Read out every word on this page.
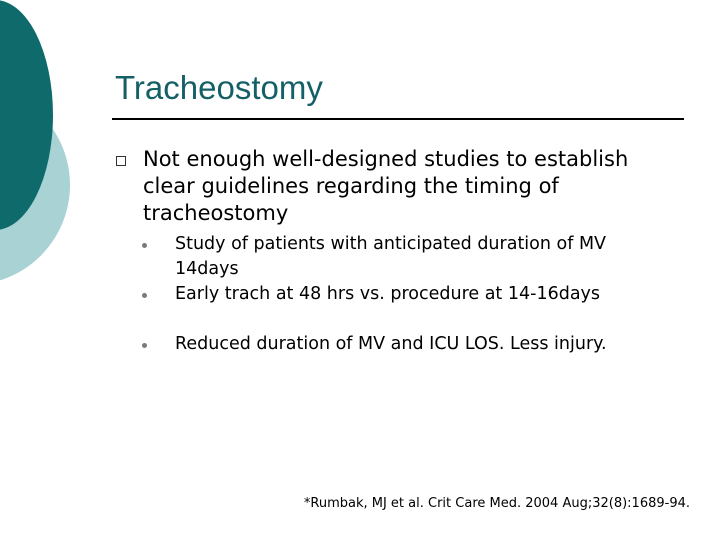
Tracheostomy
Not enough well-designed studies to establish clear guidelines regarding the timing of tracheostomy
Study of patients with anticipated duration of MV 14days
Early trach at 48 hrs vs. procedure at 14-16days
Reduced duration of MV and ICU LOS. Less injury.
*Rumbak, MJ et al. Crit Care Med. 2004 Aug;32(8):1689-94.
